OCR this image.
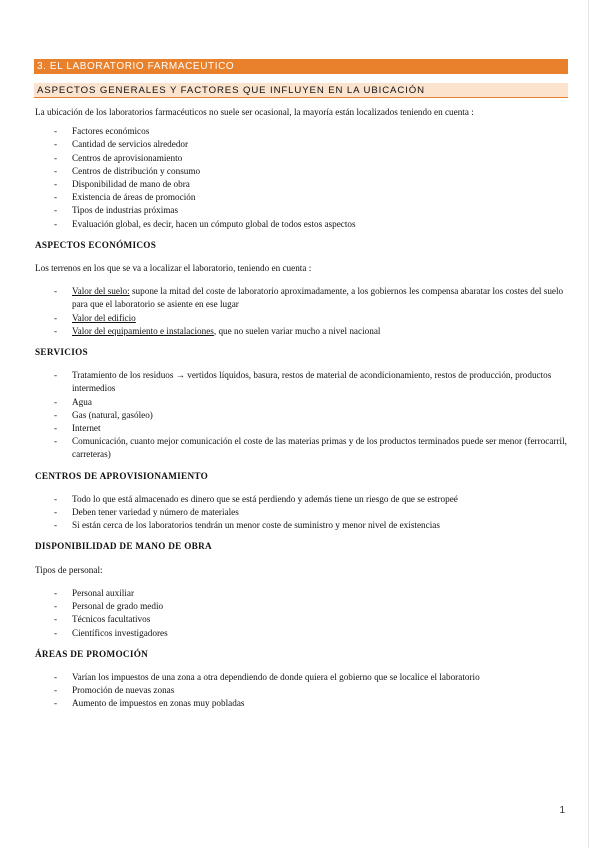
3. EL LABORATORIO FARMACEUTICO
ASPECTOS GENERALES Y FACTORES QUE INFLUYEN EN LA UBICACIÓN

La ubicación de los laboratorios farmacéuticos no suele ser ocasional, la mayoría están localizados teniendo en cuenta :

- Factores económicos
- Cantidad de servicios alrededor
- Centros de aprovisionamiento
- Centros de distribución y consumo
- Disponibilidad de mano de obra
- Existencia de áreas de promoción
- Tipos de industrias próximas
- Evaluación global, es decir, hacen un cómputo global de todos estos aspectos
ASPECTOS ECONÓMICOS

Los terrenos en los que se va a localizar el laboratorio, teniendo en cuenta :

- Valor del suelo: supone la mitad del coste de laboratorio aproximadamente, a los gobiernos les compensa abaratar los costes del suelo para que el laboratorio se asiente en ese lugar
- Valor del edificio
- Valor del equipamiento e instalaciones, que no suelen variar mucho a nivel nacional
SERVICIOS
- Tratamiento de los residuos → vertidos líquidos, basura, restos de material de acondicionamiento, restos de producción, productos intermedios
- Agua
- Gas (natural, gasóleo)
- Internet
- Comunicación, cuanto mejor comunicación el coste de las materias primas y de los productos terminados puede ser menor (ferrocarril, carreteras)
CENTROS DE APROVISIONAMIENTO
- Todo lo que está almacenado es dinero que se está perdiendo y además tiene un riesgo de que se estropeé
- Deben tener variedad y número de materiales
- Si están cerca de los laboratorios tendrán un menor coste de suministro y menor nivel de existencias
DISPONIBILIDAD DE MANO DE OBRA

Tipos de personal:

- Personal auxiliar
- Personal de grado medio
- Técnicos facultativos
- Científicos investigadores
ÁREAS DE PROMOCIÓN
- Varían los impuestos de una zona a otra dependiendo de donde quiera el gobierno que se localice el laboratorio
- Promoción de nuevas zonas
- Aumento de impuestos en zonas muy pobladas
1
